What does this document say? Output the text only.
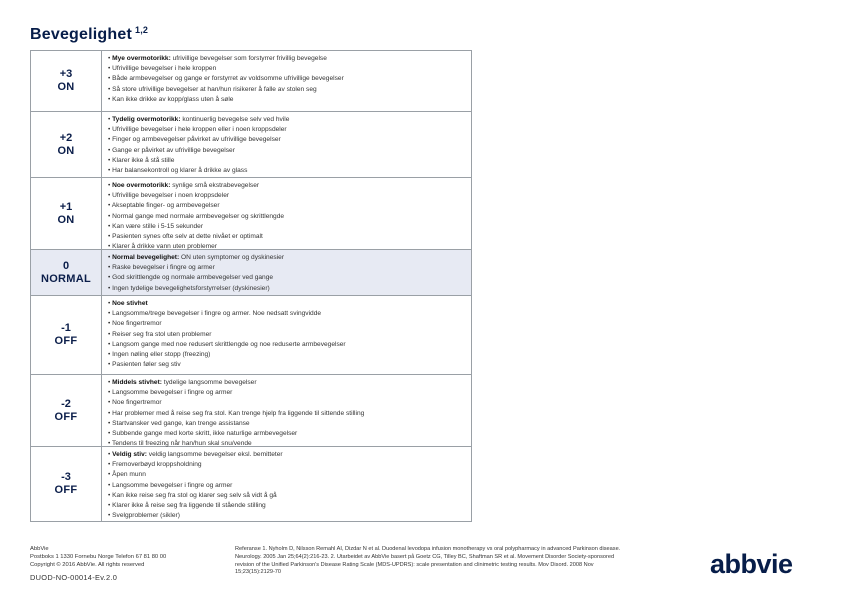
Bevegelighet $^{1,2}$
+3
ON
• Mye overmotorikk: ufrivillige bevegelser som forstyrrer frivillig bevegelse
• Ufrivillige bevegelser i hele kroppen
• Både armbevegelser og gange er forstyrret av voldsomme ufrivillige bevegelser
• Så store ufrivillige bevegelser at han/hun risikerer å falle av stolen seg
• Kan ikke drikke av kopp/glass uten å søle
+2
ON
• Tydelig overmotorikk: kontinuerlig bevegelse selv ved hvile
• Ufrivillige bevegelser i hele kroppen eller i noen kroppsdeler
• Finger og armbevegelser påvirket av ufrivillige bevegelser
• Gange er påvirket av ufrivillige bevegelser
• Klarer ikke å stå stille
• Har balansekontroll og klarer å drikke av glass
+1
ON
• Noe overmotorikk: synlige små ekstrabevegelser
• Ufrivillige bevegelser i noen kroppsdeler
• Akseptable finger- og armbevegelser
• Normal gange med normale armbevegelser og skrittlengde
• Kan være stille i 5-15 sekunder
• Pasienten synes ofte selv at dette nivået er optimalt
• Klarer å drikke vann uten problemer
0
NORMAL
• Normal bevegelighet: ON uten symptomer og dyskinesier
• Raske bevegelser i fingre og armer
• God skrittlengde og normale armbevegelser ved gange
• Ingen tydelige bevegelighetsforstyrrelser (dyskinesier)
-1
OFF
• Noe stivhet
• Langsomme/trege bevegelser i fingre og armer. Noe nedsatt svingvidde
• Noe fingertremor
• Reiser seg fra stol uten problemer
• Langsom gange med noe redusert skrittlengde og noe reduserte armbevegelser
• Ingen nøling eller stopp (freezing)
• Pasienten føler seg stiv
-2
OFF
• Middels stivhet: tydelige langsomme bevegelser
• Langsomme bevegelser i fingre og armer
• Noe fingertremor
• Har problemer med å reise seg fra stol. Kan trenge hjelp fra liggende til sittende stilling
• Startvansker ved gange, kan trenge assistanse
• Subbende gange med korte skritt, ikke naturlige armbevegelser
• Tendens til freezing når han/hun skal snu/vende
-3
OFF
• Veldig stiv: veldig langsomme bevegelser eksl. bemitteter
• Fremoverbøyd kroppsholdning
• Åpen munn
• Langsomme bevegelser i fingre og armer
• Kan ikke reise seg fra stol og klarer seg selv så vidt å gå
• Klarer ikke å reise seg fra liggende til stående stilling
• Svelgproblemer (sikler)
AbbVie
Postboks 1 1330 Fornebu Norge Telefon 67 81 80 00
Copyright © 2016 AbbVie. All rights reserved
DUOD-NO-00014-Ev.2.0
Referanse 1. Nyholm D, Nilsson Remahl AI, Dizdar N et al. Duodenal levodopa infusion monotherapy vs oral polypharmacy in advanced Parkinson disease. Neurology. 2005 Jan 25;64(2):216-23. 2. Utarbeidet av AbbVie basert på Goetz CG, Tilley BC, Shaftman SR et al. Movement Disorder Society-sponsored revision of the Unified Parkinson's Disease Rating Scale (MDS-UPDRS): scale presentation and clinimetric testing results. Mov Disord. 2008 Nov 15;23(15):2129-70	abbvie
